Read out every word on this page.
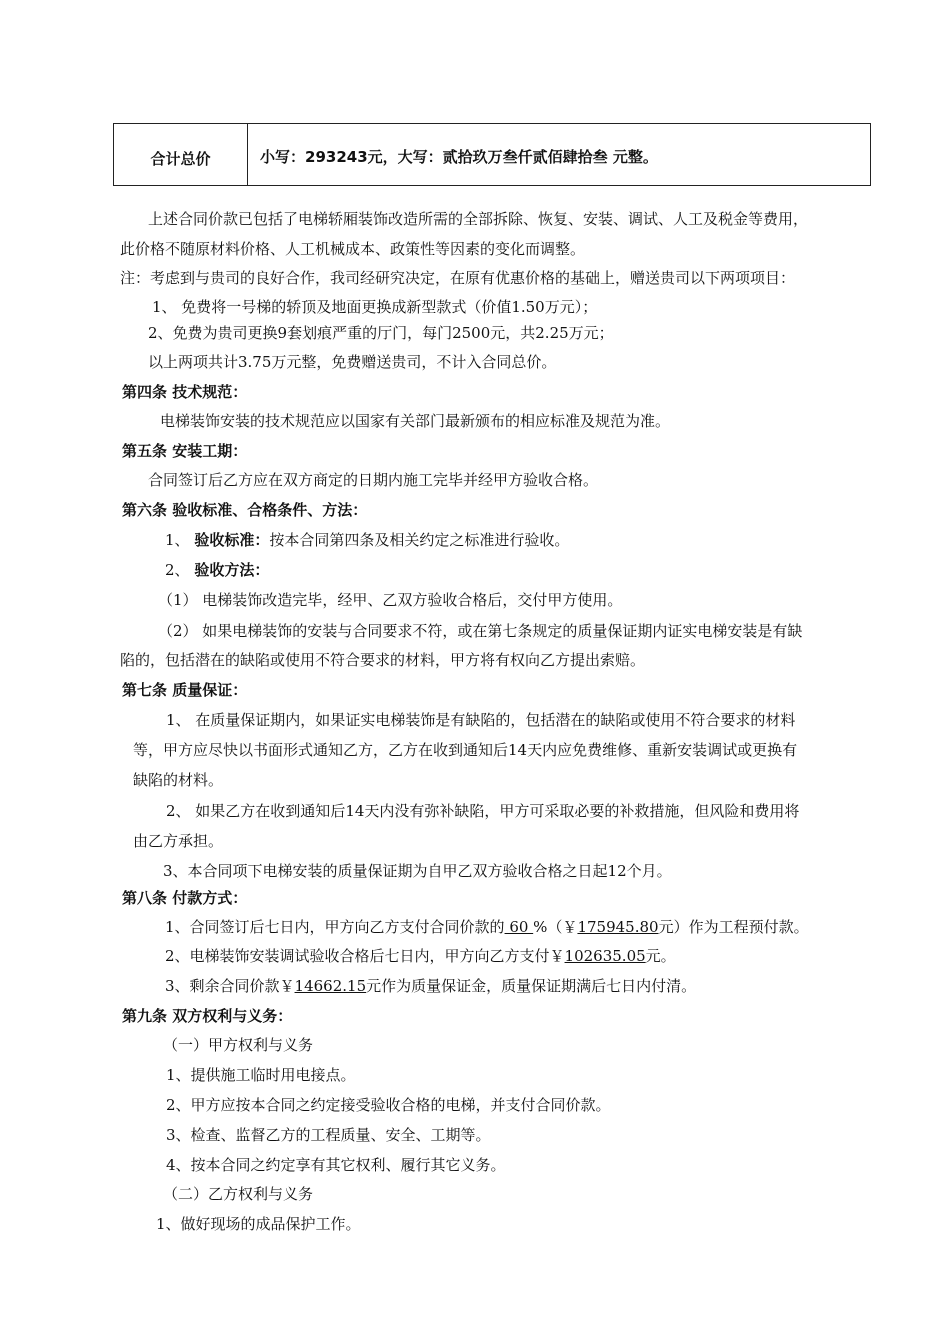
合计总价	小写： 293243元， 大写： 贰拾玖万叁仟贰佰肆拾叁 元整。
上述合同价款已包括了电梯轿厢装饰改造所需的全部拆除、恢复、安装、调试、人工及税金等费用，
此价格不随原材料价格、人工机械成本、政策性等因素的变化而调整。
注：考虑到与贵司的良好合作，我司经研究决定，在原有优惠价格的基础上，赠送贵司以下两项项目：
1、 免费将一号梯的轿顶及地面更换成新型款式（价值1.50万元）；
2、免费为贵司更换9套划痕严重的厅门，每门2500元，共2.25万元；
以上两项共计3.75万元整，免费赠送贵司，不计入合同总价。
第四条 技术规范：
电梯装饰安装的技术规范应以国家有关部门最新颁布的相应标准及规范为准。
第五条 安装工期：
合同签订后乙方应在双方商定的日期内施工完毕并经甲方验收合格。
第六条 验收标准、合格条件、方法：
1、 验收标准：按本合同第四条及相关约定之标准进行验收。
2、 验收方法：
（1） 电梯装饰改造完毕，经甲、乙双方验收合格后，交付甲方使用。
（2） 如果电梯装饰的安装与合同要求不符，或在第七条规定的质量保证期内证实电梯安装是有缺
陷的，包括潜在的缺陷或使用不符合要求的材料，甲方将有权向乙方提出索赔。
第七条 质量保证：
1、 在质量保证期内，如果证实电梯装饰是有缺陷的，包括潜在的缺陷或使用不符合要求的材料
等，甲方应尽快以书面形式通知乙方，乙方在收到通知后14天内应免费维修、重新安装调试或更换有
缺陷的材料。
2、 如果乙方在收到通知后14天内没有弥补缺陷，甲方可采取必要的补救措施，但风险和费用将
由乙方承担。
3、本合同项下电梯安装的质量保证期为自甲乙双方验收合格之日起12个月。
第八条 付款方式：
1、合同签订后七日内，甲方向乙方支付合同价款的 60 %（￥175945.80元）作为工程预付款。
2、电梯装饰安装调试验收合格后七日内，甲方向乙方支付￥102635.05元。
3、剩余合同价款￥14662.15元作为质量保证金，质量保证期满后七日内付清。
第九条 双方权利与义务：
（一）甲方权利与义务
1、提供施工临时用电接点。
2、甲方应按本合同之约定接受验收合格的电梯，并支付合同价款。
3、检查、监督乙方的工程质量、安全、工期等。
4、按本合同之约定享有其它权利、履行其它义务。
（二）乙方权利与义务
1、做好现场的成品保护工作。
